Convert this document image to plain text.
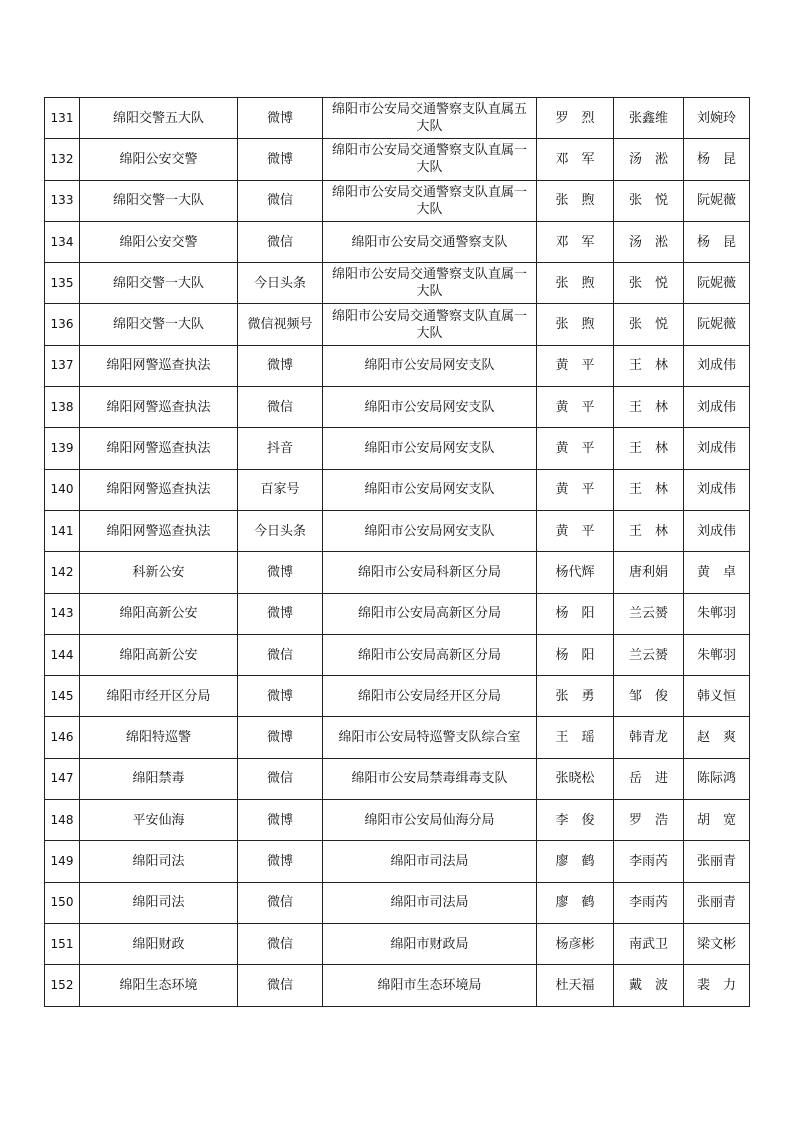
131	绵阳交警五大队	微博	绵阳市公安局交通警察支队直属五大队	罗　烈	张鑫维	刘婉玲
132	绵阳公安交警	微博	绵阳市公安局交通警察支队直属一大队	邓　军	汤　淞	杨　昆
133	绵阳交警一大队	微信	绵阳市公安局交通警察支队直属一大队	张　煦	张　悦	阮妮薇
134	绵阳公安交警	微信	绵阳市公安局交通警察支队	邓　军	汤　淞	杨　昆
135	绵阳交警一大队	今日头条	绵阳市公安局交通警察支队直属一大队	张　煦	张　悦	阮妮薇
136	绵阳交警一大队	微信视频号	绵阳市公安局交通警察支队直属一大队	张　煦	张　悦	阮妮薇
137	绵阳网警巡查执法	微博	绵阳市公安局网安支队	黄　平	王　林	刘成伟
138	绵阳网警巡查执法	微信	绵阳市公安局网安支队	黄　平	王　林	刘成伟
139	绵阳网警巡查执法	抖音	绵阳市公安局网安支队	黄　平	王　林	刘成伟
140	绵阳网警巡查执法	百家号	绵阳市公安局网安支队	黄　平	王　林	刘成伟
141	绵阳网警巡查执法	今日头条	绵阳市公安局网安支队	黄　平	王　林	刘成伟
142	科新公安	微博	绵阳市公安局科新区分局	杨代辉	唐利娟	黄　卓
143	绵阳高新公安	微博	绵阳市公安局高新区分局	杨　阳	兰云赟	朱郸羽
144	绵阳高新公安	微信	绵阳市公安局高新区分局	杨　阳	兰云赟	朱郸羽
145	绵阳市经开区分局	微博	绵阳市公安局经开区分局	张　勇	邹　俊	韩义恒
146	绵阳特巡警	微博	绵阳市公安局特巡警支队综合室	王　瑶	韩青龙	赵　爽
147	绵阳禁毒	微信	绵阳市公安局禁毒缉毒支队	张晓松	岳　进	陈际鸿
148	平安仙海	微博	绵阳市公安局仙海分局	李　俊	罗　浩	胡　宽
149	绵阳司法	微博	绵阳市司法局	廖　鹤	李雨芮	张丽青
150	绵阳司法	微信	绵阳市司法局	廖　鹤	李雨芮	张丽青
151	绵阳财政	微信	绵阳市财政局	杨彦彬	南武卫	梁文彬
152	绵阳生态环境	微信	绵阳市生态环境局	杜天福	戴　波	裴　力
